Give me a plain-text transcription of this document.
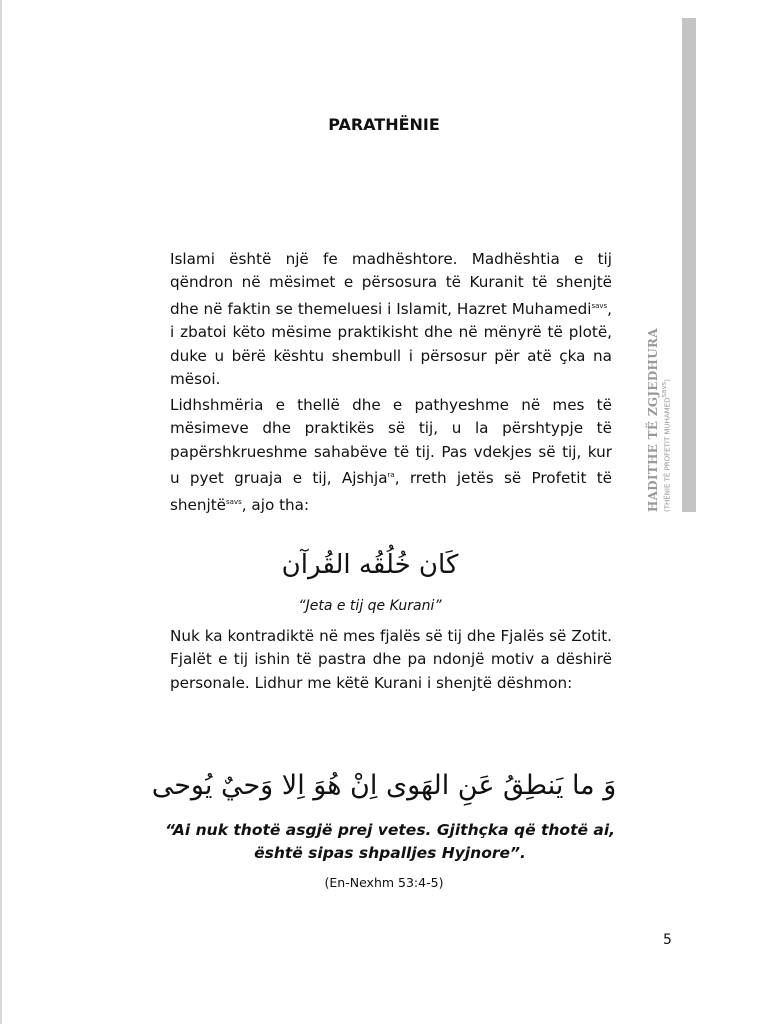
HADITHE TË ZGJEDHURA (THËNIE TË PROFETIT $MUHAMED^{savs}$)
PARATHËNIE
Islami është një fe madhështore. Madhështia e tij qëndron në mësimet e përsosura të Kuranit të shenjtë dhe në faktin se themeluesi i Islamit, Hazret Muhamedi$^{savs}$, i zbatoi këto mësime praktikisht dhe në mënyrë të plotë, duke u bërë kështu shembull i përsosur për atë çka na mësoi.
Lidhshmëria e thellë dhe e pathyeshme në mes të mësimeve dhe praktikës së tij, u la përshtypje të papërshkrueshme sahabëve të tij. Pas vdekjes së tij, kur u pyet gruaja e tij, Ajshja$^{ra}$, rreth jetës së Profetit të shenjtë$^{savs}$, ajo tha:
كَان خُلُقُه القُرآن
“Jeta e tij qe Kurani”
Nuk ka kontradiktë në mes fjalës së tij dhe Fjalës së Zotit. Fjalët e tij ishin të pastra dhe pa ndonjë motiv a dëshirë personale. Lidhur me këtë Kurani i shenjtë dëshmon:
وَ ما يَنطِقُ عَنِ الهَوى اِنْ هُوَ اِلا وَحيٌ يُوحى
“Ai nuk thotë asgjë prej vetes. Gjithçka që thotë ai, është sipas shpalljes Hyjnore”.
(En-Nexhm 53:4-5)
5
